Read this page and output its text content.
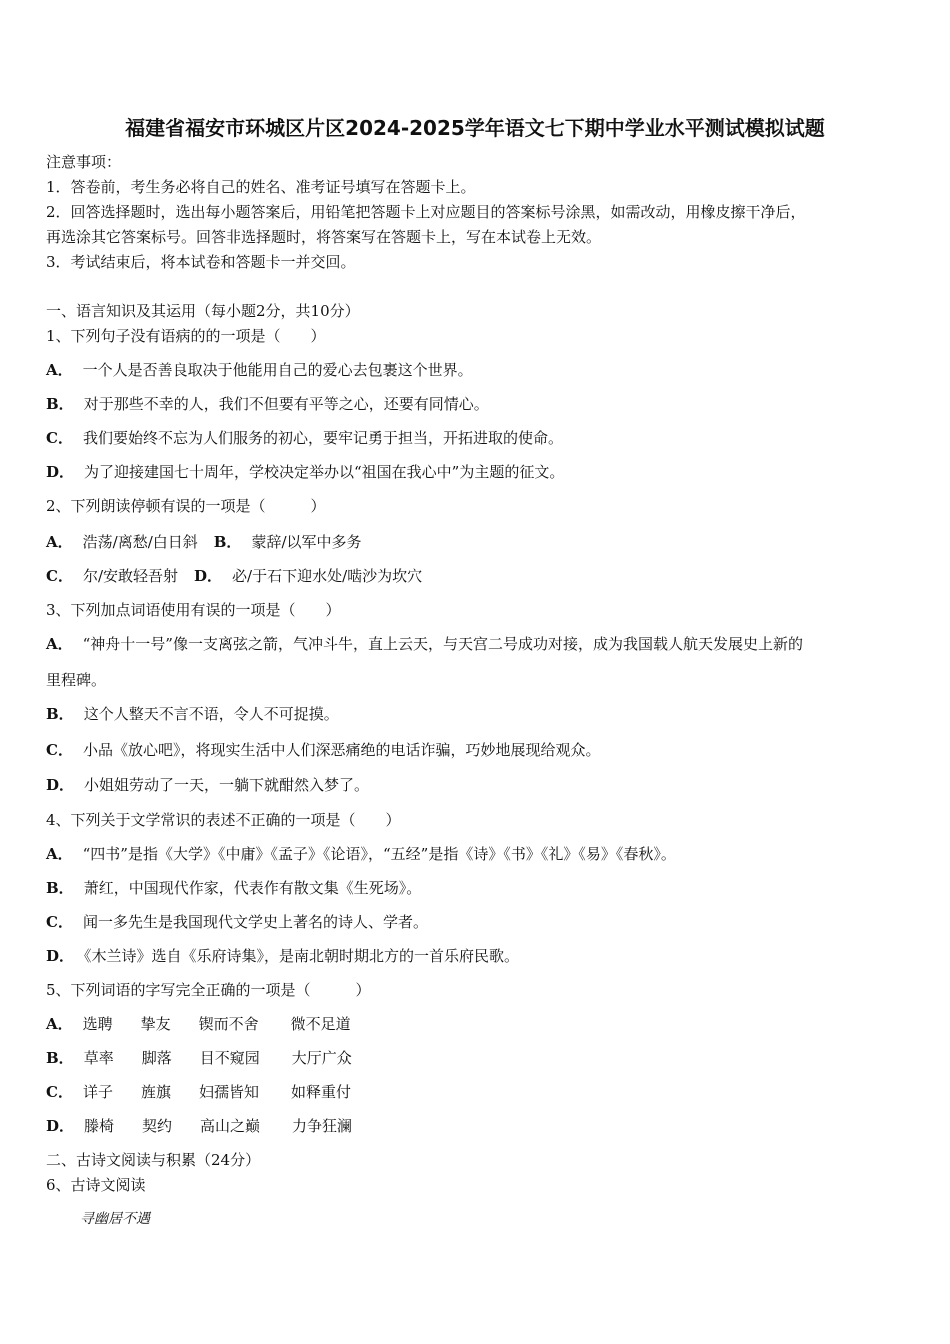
福建省福安市环城区片区2024-2025学年语文七下期中学业水平测试模拟试题
注意事项：
1．答卷前，考生务必将自己的姓名、准考证号填写在答题卡上。
2．回答选择题时，选出每小题答案后，用铅笔把答题卡上对应题目的答案标号涂黑，如需改动，用橡皮擦干净后，
再选涂其它答案标号。回答非选择题时，将答案写在答题卡上，写在本试卷上无效。
3．考试结束后，将本试卷和答题卡一并交回。
一、语言知识及其运用（每小题2分，共10分）
1、下列句子没有语病的的一项是（　　）
A． 一个人是否善良取决于他能用自己的爱心去包裹这个世界。
B． 对于那些不幸的人，我们不但要有平等之心，还要有同情心。
C． 我们要始终不忘为人们服务的初心，要牢记勇于担当，开拓进取的使命。
D． 为了迎接建国七十周年，学校决定举办以“祖国在我心中”为主题的征文。
2、下列朗读停顿有误的一项是（　　　）
A． 浩荡/离愁/白日斜 B． 蒙辞/以军中多务
C． 尔/安敢轻吾射 D． 必/于石下迎水处/啮沙为坎穴
3、下列加点词语使用有误的一项是（　　）
A． “神舟十一号”像一支离弦之箭，气冲斗牛，直上云天，与天宫二号成功对接，成为我国载人航天发展史上新的
里程碑。
B． 这个人整天不言不语，令人不可捉摸。
C． 小品《放心吧》，将现实生活中人们深恶痛绝的电话诈骗，巧妙地展现给观众。
D． 小姐姐劳动了一天，一躺下就酣然入梦了。
4、下列关于文学常识的表述不正确的一项是（　　）
A． “四书”是指《大学》《中庸》《孟子》《论语》，“五经”是指《诗》《书》《礼》《易》《春秋》。
B． 萧红，中国现代作家，代表作有散文集《生死场》。
C． 闻一多先生是我国现代文学史上著名的诗人、学者。
D． 《木兰诗》选自《乐府诗集》，是南北朝时期北方的一首乐府民歌。
5、下列词语的字写完全正确的一项是（　　　）
A． 选聘 挚友 锲而不舍 微不足道
B． 草率 脚落 目不窥园 大厅广众
C． 详子 旌旗 妇孺皆知 如释重付
D． 滕椅 契约 高山之巅 力争狂澜
二、古诗文阅读与积累（24分）
6、古诗文阅读
寻幽居不遇
